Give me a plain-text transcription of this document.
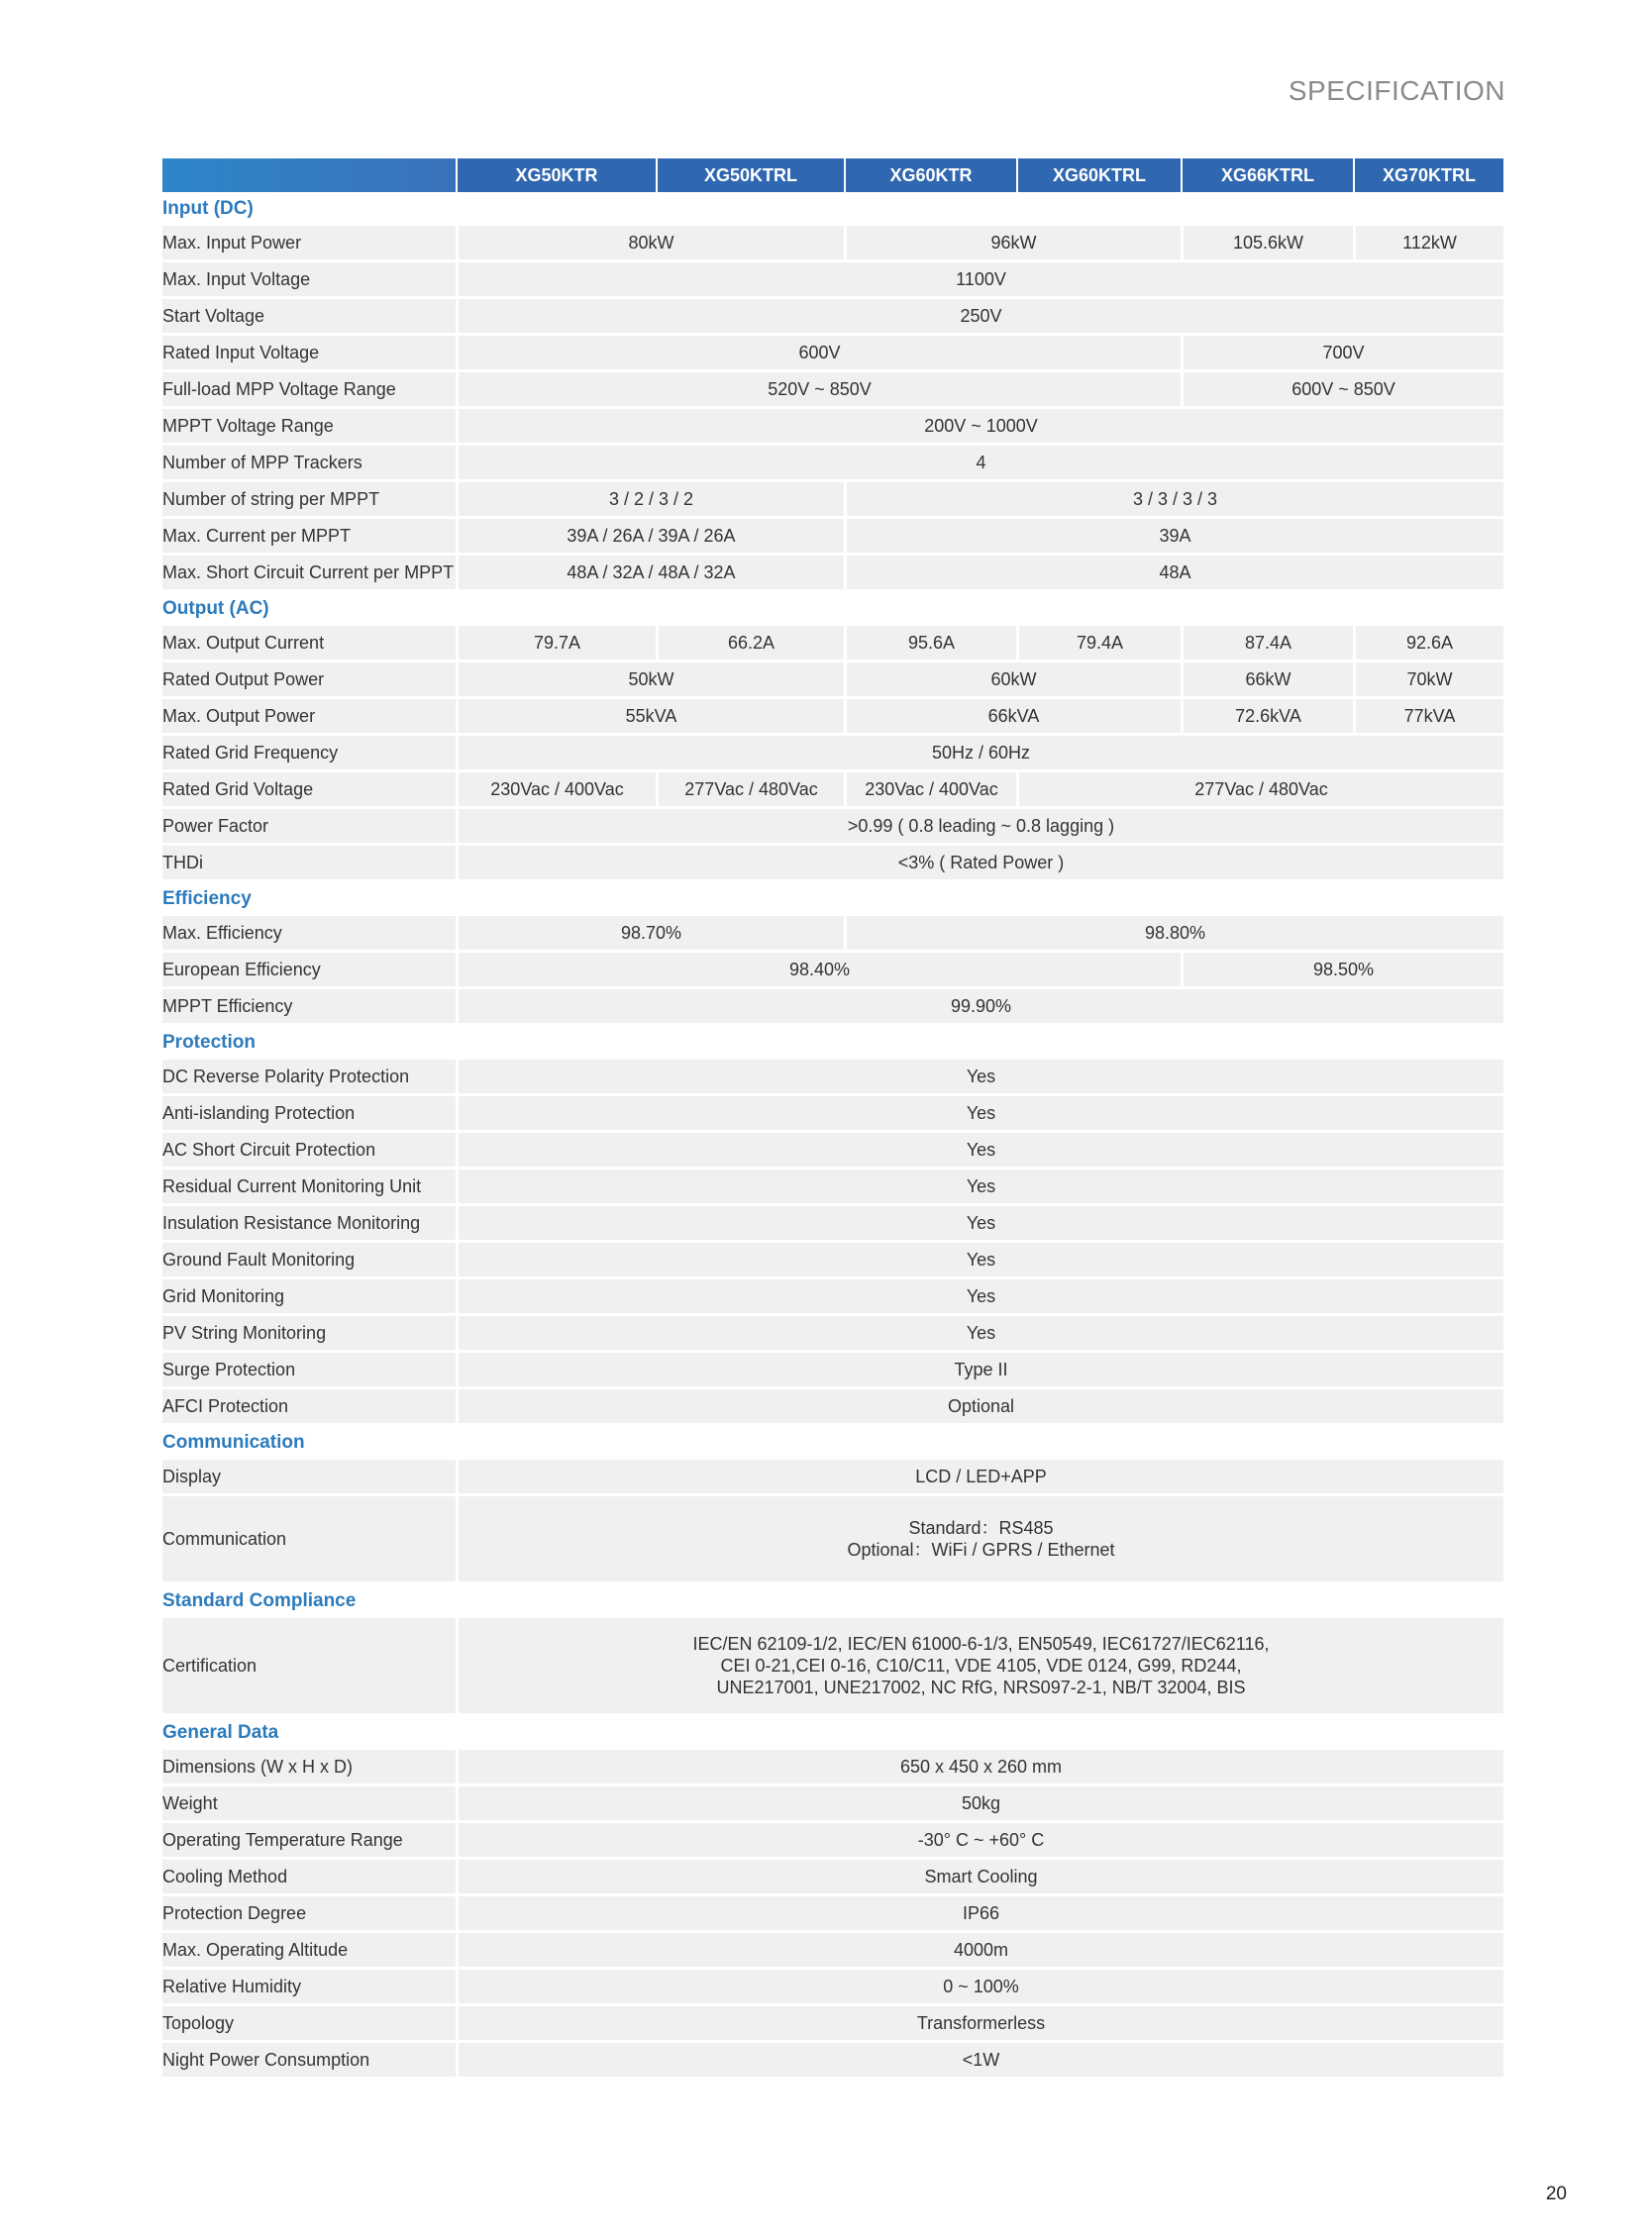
SPECIFICATION
	XG50KTR	XG50KTRL	XG60KTR	XG60KTRL	XG66KTRL	XG70KTRL
Input (DC)						
Max. Input Power	80kW		96kW		105.6kW	112kW
Max. Input Voltage	1100V					
Start Voltage	250V					
Rated Input Voltage	600V				700V	
Full-load MPP Voltage Range	520V ~ 850V				600V ~ 850V	
MPPT Voltage Range	200V ~ 1000V					
Number of MPP Trackers	4					
Number of string per MPPT	3 / 2 / 3 / 2		3 / 3 / 3 / 3			
Max. Current per MPPT	39A / 26A / 39A / 26A		39A			
Max. Short Circuit Current per MPPT	48A / 32A / 48A / 32A		48A			
Output (AC)						
Max. Output Current	79.7A	66.2A	95.6A	79.4A	87.4A	92.6A
Rated Output Power	50kW		60kW		66kW	70kW
Max. Output Power	55kVA		66kVA		72.6kVA	77kVA
Rated Grid Frequency	50Hz / 60Hz					
Rated Grid Voltage	230Vac / 400Vac	277Vac / 480Vac	230Vac / 400Vac	277Vac / 480Vac		
Power Factor	>0.99 ( 0.8 leading ~ 0.8 lagging )					
THDi	<3% ( Rated Power )					
Efficiency						
Max. Efficiency	98.70%		98.80%			
European Efficiency	98.40%				98.50%	
MPPT Efficiency	99.90%					
Protection						
DC Reverse Polarity Protection	Yes					
Anti-islanding Protection	Yes					
AC Short Circuit Protection	Yes					
Residual Current Monitoring Unit	Yes					
Insulation Resistance Monitoring	Yes					
Ground Fault Monitoring	Yes					
Grid Monitoring	Yes					
PV String Monitoring	Yes					
Surge Protection	Type II					
AFCI Protection	Optional					
Communication						
Display	LCD / LED+APP					
Communication	Standard：RS485
Optional：WiFi / GPRS / Ethernet					

Standard Compliance						
Certification	IEC/EN 62109-1/2, IEC/EN 61000-6-1/3, EN50549, IEC61727/IEC62116,
CEI 0-21,CEI 0-16, C10/C11, VDE 4105, VDE 0124, G99, RD244,
UNE217001, UNE217002, NC RfG, NRS097-2-1, NB/T 32004, BIS					

General Data						
Dimensions (W x H x D)	650 x 450 x 260 mm					
Weight	50kg					
Operating Temperature Range	-30° C ~ +60° C					
Cooling Method	Smart Cooling					
Protection Degree	IP66					
Max. Operating Altitude	4000m					
Relative Humidity	0 ~ 100%					
Topology	Transformerless					
Night Power Consumption	<1W					
20
